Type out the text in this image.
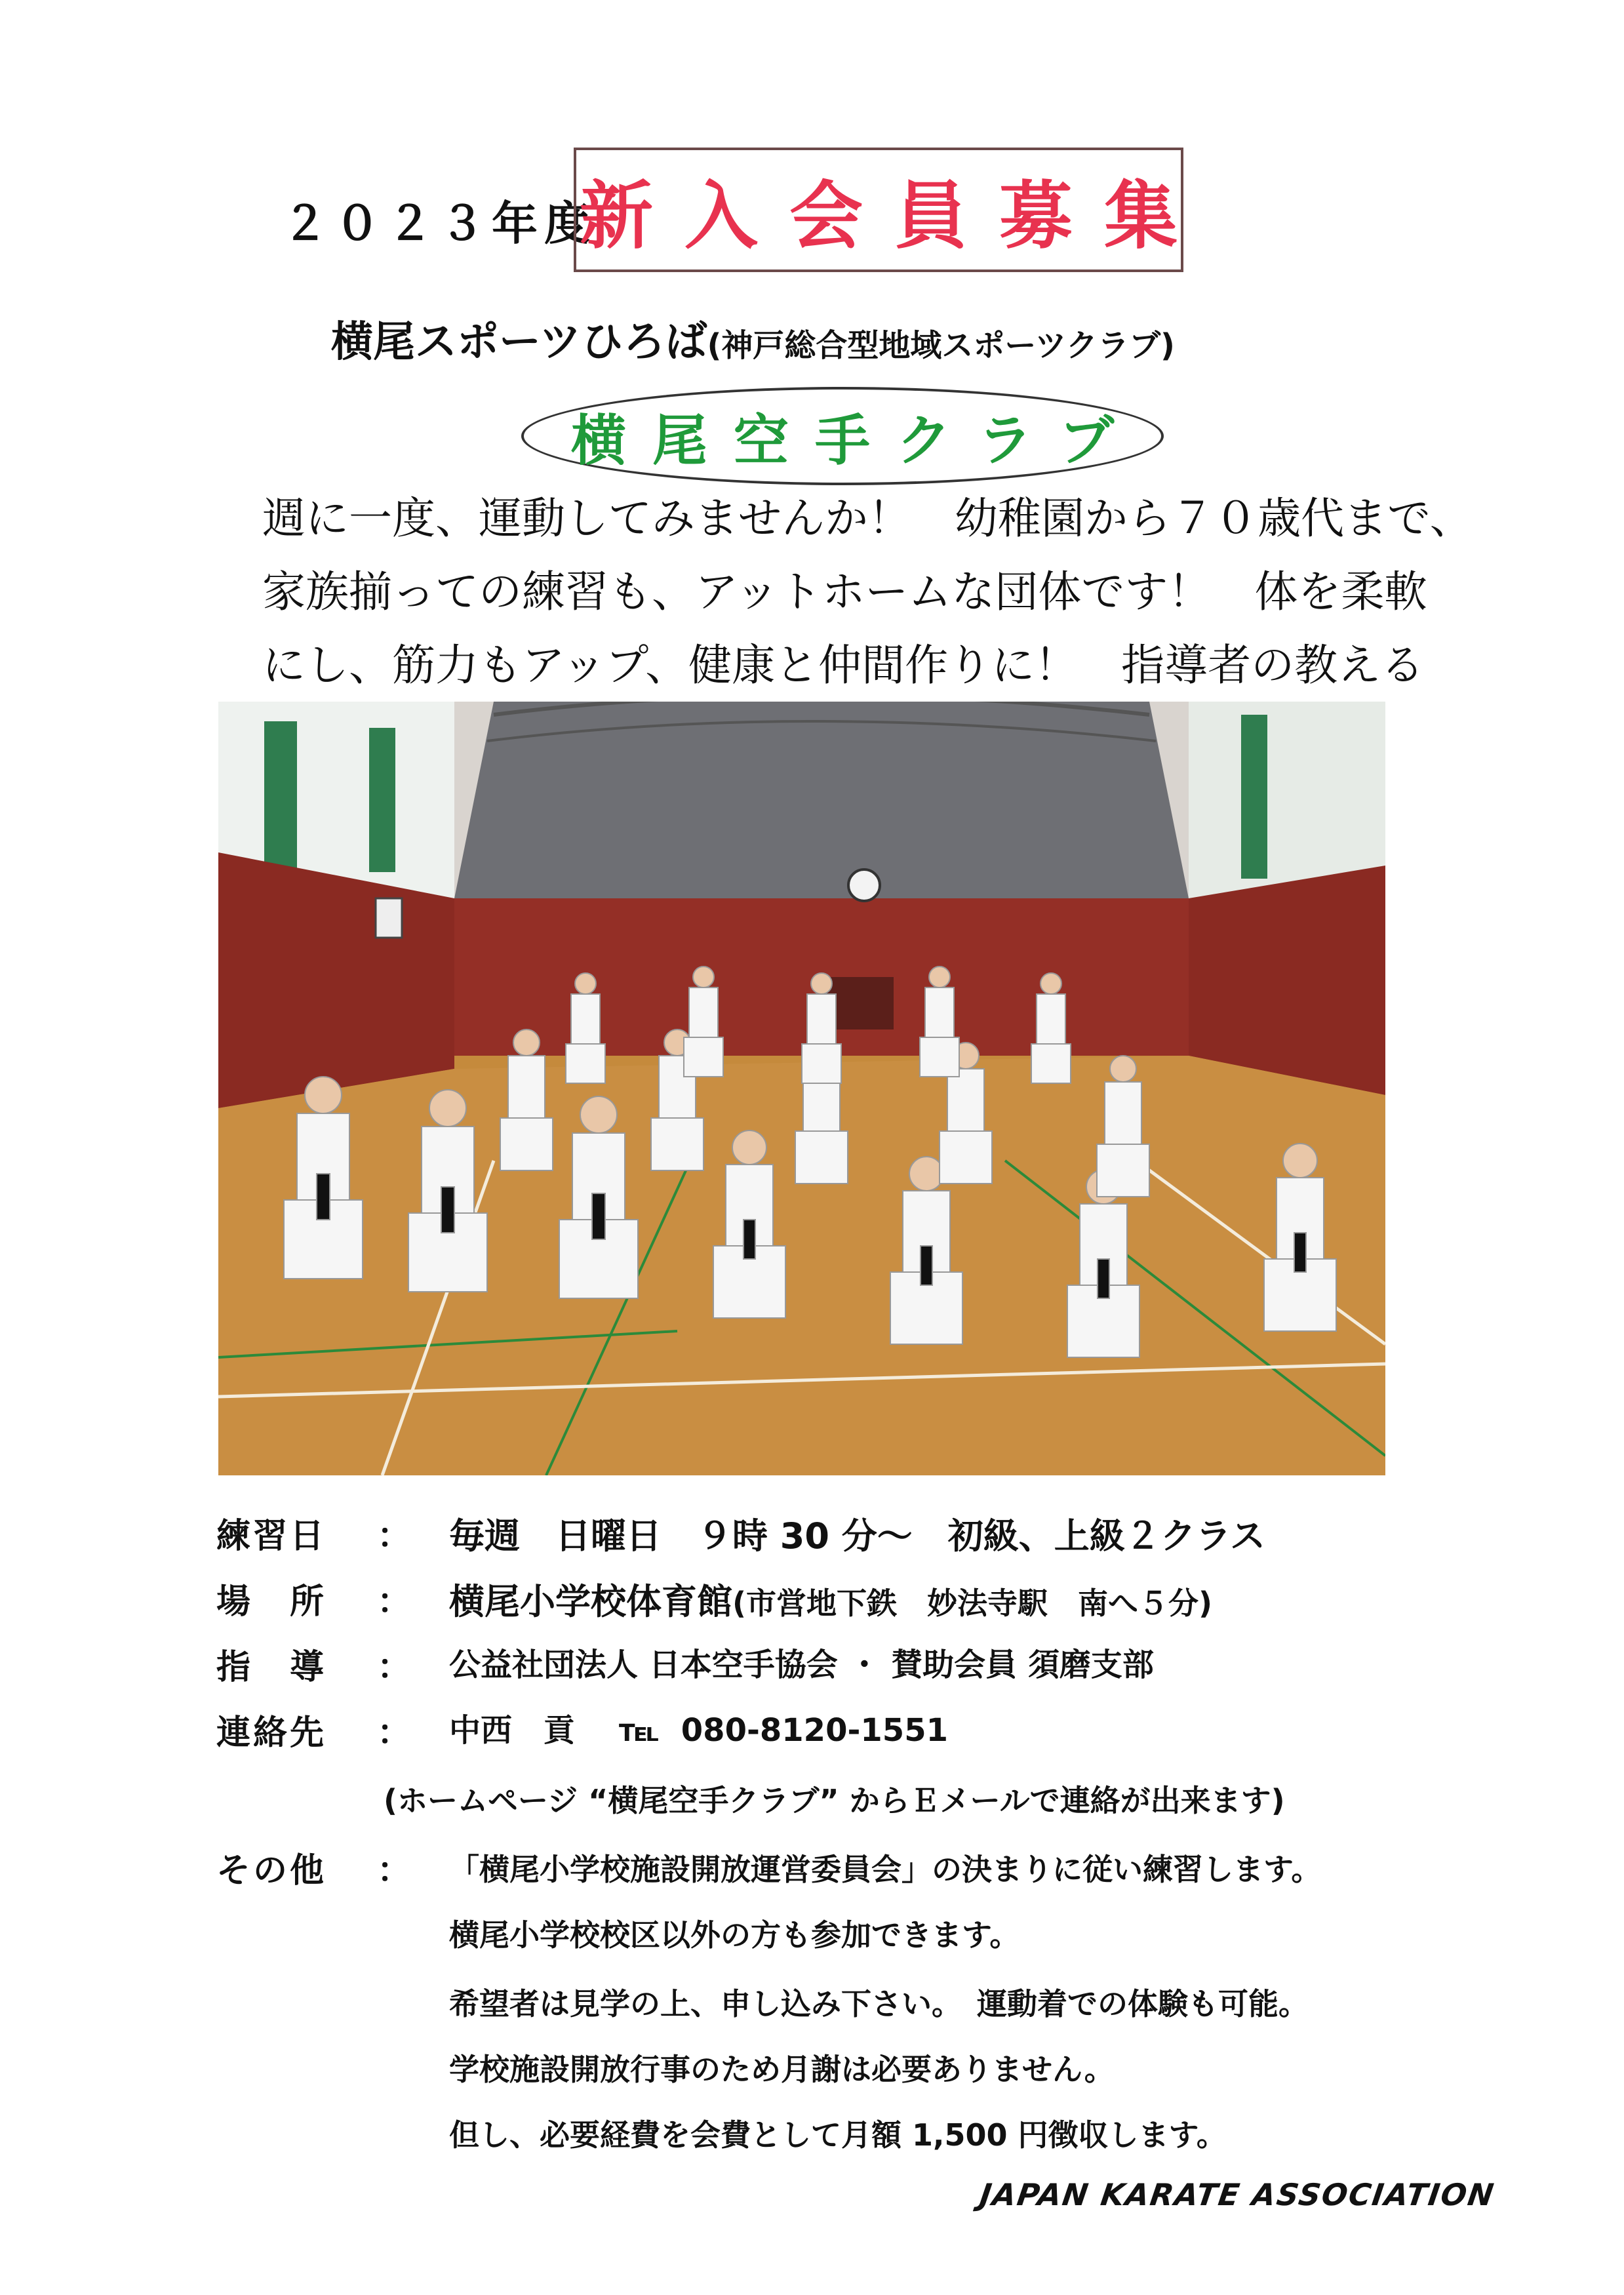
２０２３年度
新入会員募集
横尾スポーツひろば(神戸総合型地域スポーツクラブ)
横尾空手クラブ
週に一度、運動してみませんか！　幼稚園から７０歳代まで、
家族揃っての練習も、アットホームな団体です！　体を柔軟
にし、筋力もアップ、健康と仲間作りに！　指導者の教える
練習日 ： 毎週　日曜日　９時 30 分～　初級、上級２クラス
場　所 ： 横尾小学校体育館(市営地下鉄　妙法寺駅　南へ５分)
指　導 ： 公益社団法人 日本空手協会 ・ 賛助会員 須磨支部
連絡先 ： 中西　貢 ℡ 080-8120-1551
(ホームページ “横尾空手クラブ” からＥメールで連絡が出来ます)
その他 ： 「横尾小学校施設開放運営委員会」の決まりに従い練習します。
横尾小学校校区以外の方も参加できます。
希望者は見学の上、申し込み下さい。　運動着での体験も可能。
学校施設開放行事のため月謝は必要ありません。
但し、必要経費を会費として月額 1,500 円徴収します。
JAPAN KARATE ASSOCIATION
